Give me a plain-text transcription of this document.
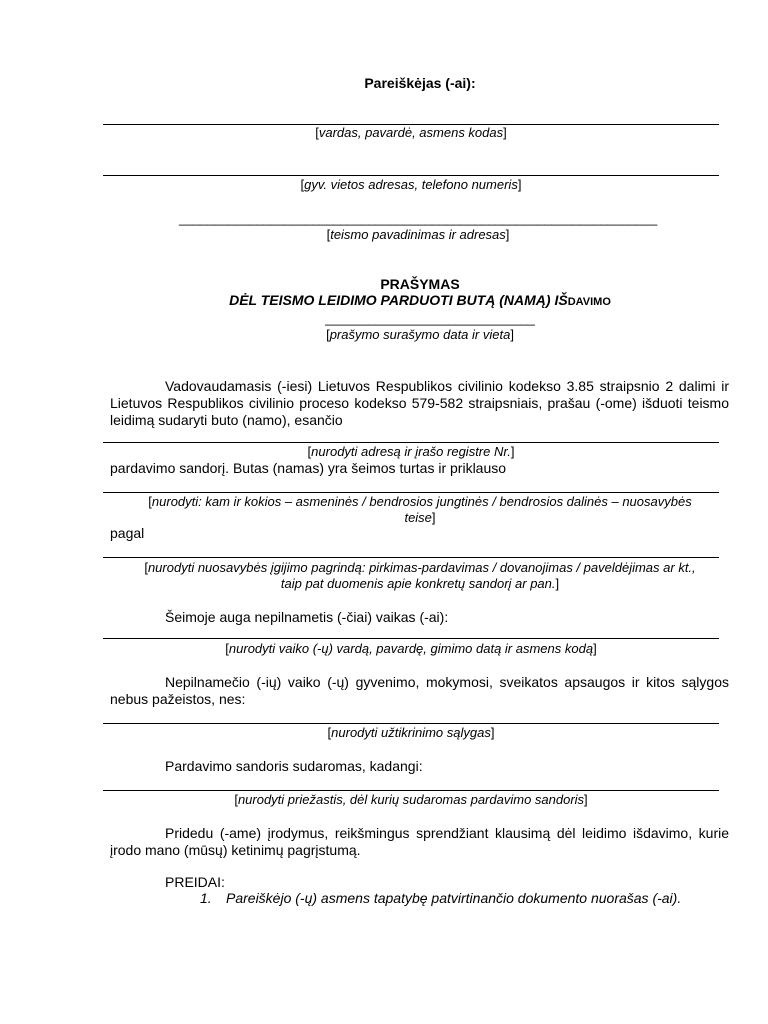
Pareiškėjas (-ai):
[vardas, pavardė, asmens kodas]
[gyv. vietos adresas, telefono numeris]
____________________________________________________________________
[teismo pavadinimas ir adresas]
PRAŠYMAS
DĖL TEISMO LEIDIMO PARDUOTI BUTĄ (NAMĄ) IŠDAVIMO
_____________________________
[prašymo surašymo data ir vieta]
Vadovaudamasis (-iesi) Lietuvos Respublikos civilinio kodekso 3.85 straipsnio 2 dalimi ir Lietuvos Respublikos civilinio proceso kodekso 579-582 straipsniais, prašau (-ome) išduoti teismo leidimą sudaryti buto (namo), esančio
[nurodyti adresą ir įrašo registre Nr.]
pardavimo sandorį. Butas (namas) yra šeimos turtas ir priklauso
[nurodyti: kam ir kokios – asmeninės / bendrosios jungtinės / bendrosios dalinės – nuosavybės
teise]
pagal
[nurodyti nuosavybės įgijimo pagrindą: pirkimas-pardavimas / dovanojimas / paveldėjimas ar kt.,
taip pat duomenis apie konkretų sandorį ar pan.]
Šeimoje auga nepilnametis (-čiai) vaikas (-ai):
[nurodyti vaiko (-ų) vardą, pavardę, gimimo datą ir asmens kodą]
Nepilnamečio (-ių) vaiko (-ų) gyvenimo, mokymosi, sveikatos apsaugos ir kitos sąlygos nebus pažeistos, nes:
[nurodyti užtikrinimo sąlygas]
Pardavimo sandoris sudaromas, kadangi:
[nurodyti priežastis, dėl kurių sudaromas pardavimo sandoris]
Pridedu (-ame) įrodymus, reikšmingus sprendžiant klausimą dėl leidimo išdavimo, kurie įrodo mano (mūsų) ketinimų pagrįstumą.
PREIDAI:
1. Pareiškėjo (-ų) asmens tapatybę patvirtinančio dokumento nuorašas (-ai).
